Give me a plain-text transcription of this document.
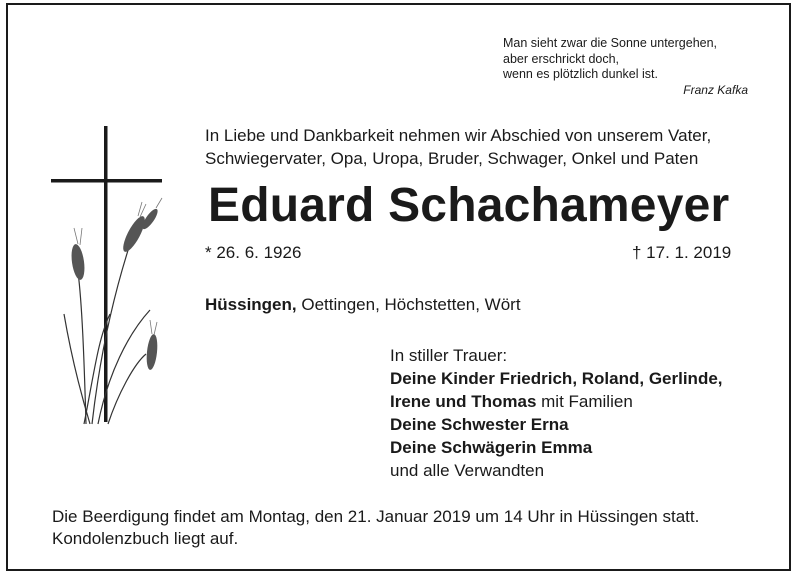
Man sieht zwar die Sonne untergehen,
aber erschrickt doch,
wenn es plötzlich dunkel ist.
Franz Kafka
In Liebe und Dankbarkeit nehmen wir Abschied von unserem Vater,
Schwiegervater, Opa, Uropa, Bruder, Schwager, Onkel und Paten
Eduard Schachameyer
* 26. 6. 1926	† 17. 1. 2019
Hüssingen, Oettingen, Höchstetten, Wört
In stiller Trauer:
Deine Kinder Friedrich, Roland, Gerlinde,
Irene und Thomas mit Familien
Deine Schwester Erna
Deine Schwägerin Emma
und alle Verwandten
Die Beerdigung findet am Montag, den 21. Januar 2019 um 14 Uhr in Hüssingen statt.
Kondolenzbuch liegt auf.
